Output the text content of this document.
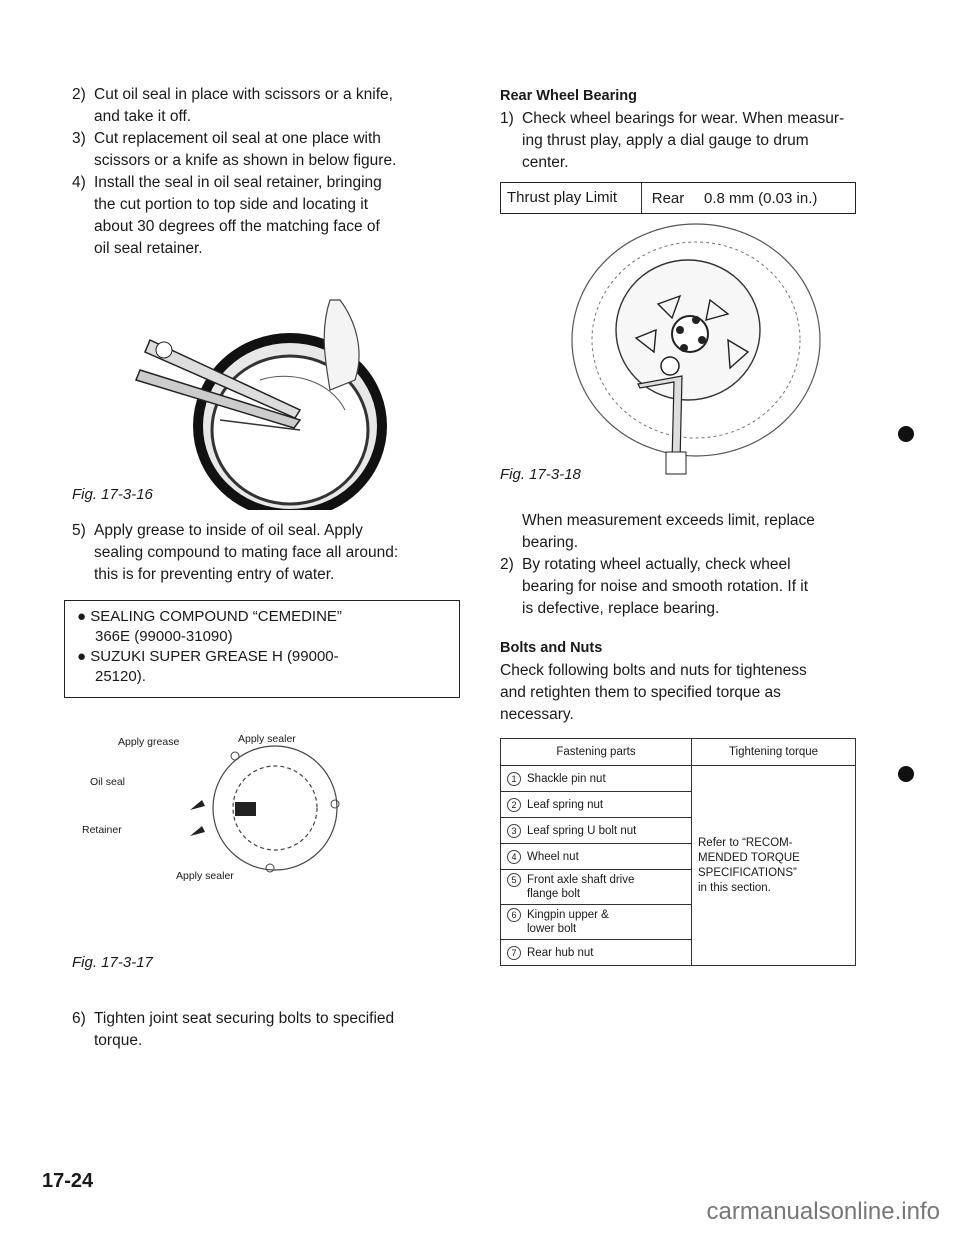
2) Cut oil seal in place with scissors or a knife,
and take it off.

3) Cut replacement oil seal at one place with
scissors or a knife as shown in below figure.

4) Install the seal in oil seal retainer, bringing
the cut portion to top side and locating it
about 30 degrees off the matching face of
oil seal retainer.

Fig. 17-3-16

5) Apply grease to inside of oil seal. Apply
sealing compound to mating face all around:
this is for preventing entry of water.

● SEALING COMPOUND “CEMEDINE”
366E (99000-31090)
● SUZUKI SUPER GREASE H (99000-
25120).
Apply grease	Apply sealer
Oil seal
Retainer
Apply sealer
Fig. 17-3-17

6) Tighten joint seat securing bolts to specified
torque.

Rear Wheel Bearing

1) Check wheel bearings for wear. When measur-
ing thrust play, apply a dial gauge to drum
center.

Thrust play Limit	Rear	0.8 mm (0.03 in.)
Fig. 17-3-18

When measurement exceeds limit, replace
bearing.

2) By rotating wheel actually, check wheel
bearing for noise and smooth rotation. If it
is defective, replace bearing.

Bolts and Nuts

Check following bolts and nuts for tighteness
and retighten them to specified torque as
necessary.

Fastening parts	Tightening torque
1 Shackle pin nut	Refer to “RECOM-
MENDED TORQUE
SPECIFICATIONS”
in this section.
2 Leaf spring nut	
3 Leaf spring U bolt nut	
4 Wheel nut	
5 Front axle shaft drive
flange bolt	
6 Kingpin upper &
lower bolt	
7 Rear hub nut	
17-24
carmanualsonline.info
